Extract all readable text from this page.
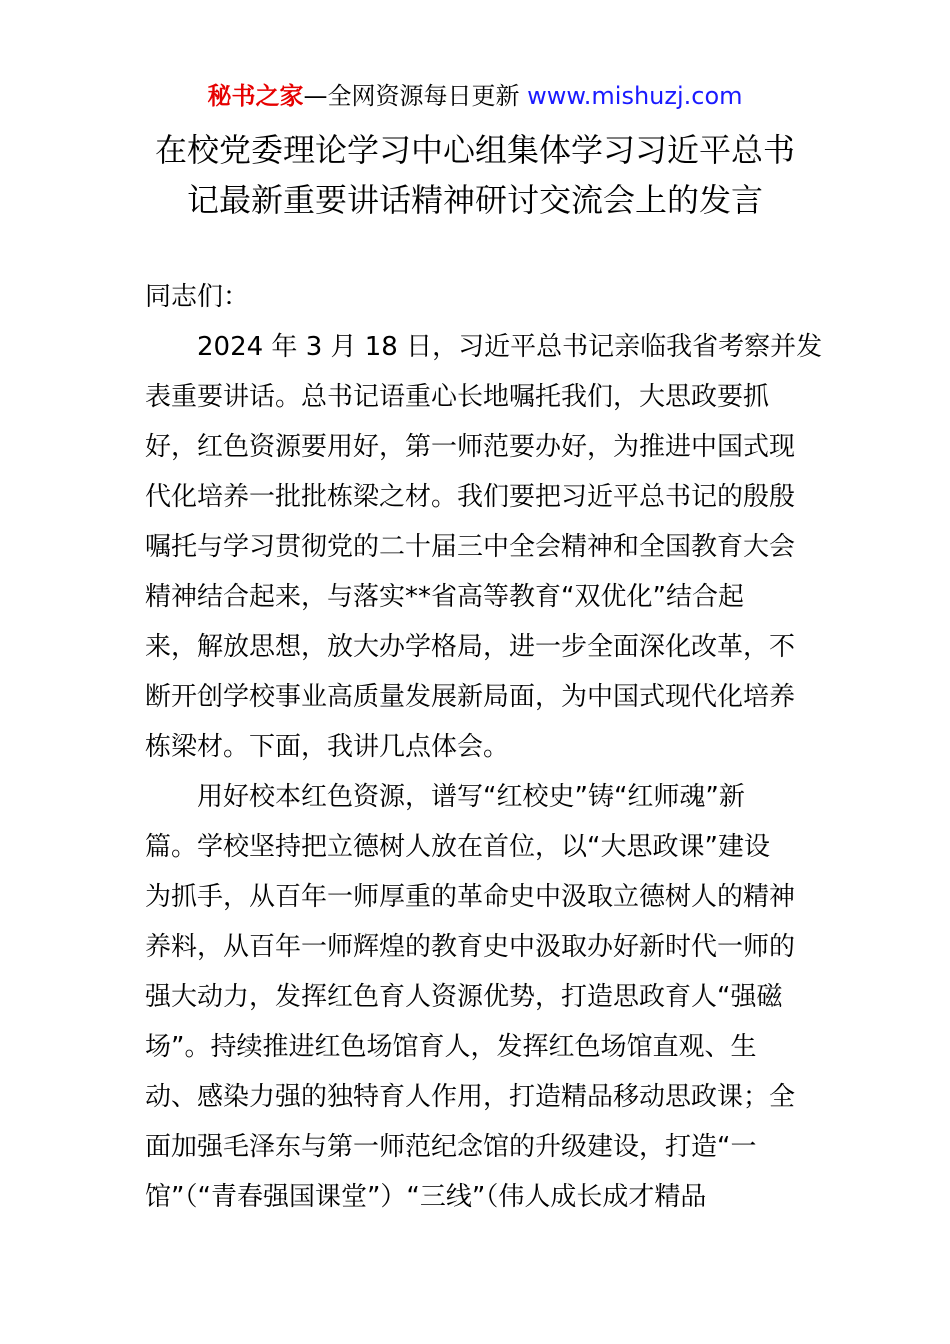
秘书之家—全网资源每日更新 www.mishuzj.com
在校党委理论学习中心组集体学习习近平总书
记最新重要讲话精神研讨交流会上的发言
同志们：
2024 年 3 月 18 日，习近平总书记亲临我省考察并发
表重要讲话。总书记语重心长地嘱托我们，大思政要抓
好，红色资源要用好，第一师范要办好，为推进中国式现
代化培养一批批栋梁之材。我们要把习近平总书记的殷殷
嘱托与学习贯彻党的二十届三中全会精神和全国教育大会
精神结合起来，与落实**省高等教育“双优化”结合起
来，解放思想，放大办学格局，进一步全面深化改革，不
断开创学校事业高质量发展新局面，为中国式现代化培养
栋梁材。下面，我讲几点体会。
用好校本红色资源，谱写“红校史”铸“红师魂”新
篇。学校坚持把立德树人放在首位，以“大思政课”建设
为抓手，从百年一师厚重的革命史中汲取立德树人的精神
养料，从百年一师辉煌的教育史中汲取办好新时代一师的
强大动力，发挥红色育人资源优势，打造思政育人“强磁
场”。持续推进红色场馆育人，发挥红色场馆直观、生
动、感染力强的独特育人作用，打造精品移动思政课；全
面加强毛泽东与第一师范纪念馆的升级建设，打造“一
馆”（“青春强国课堂”）“三线”（伟人成长成才精品
